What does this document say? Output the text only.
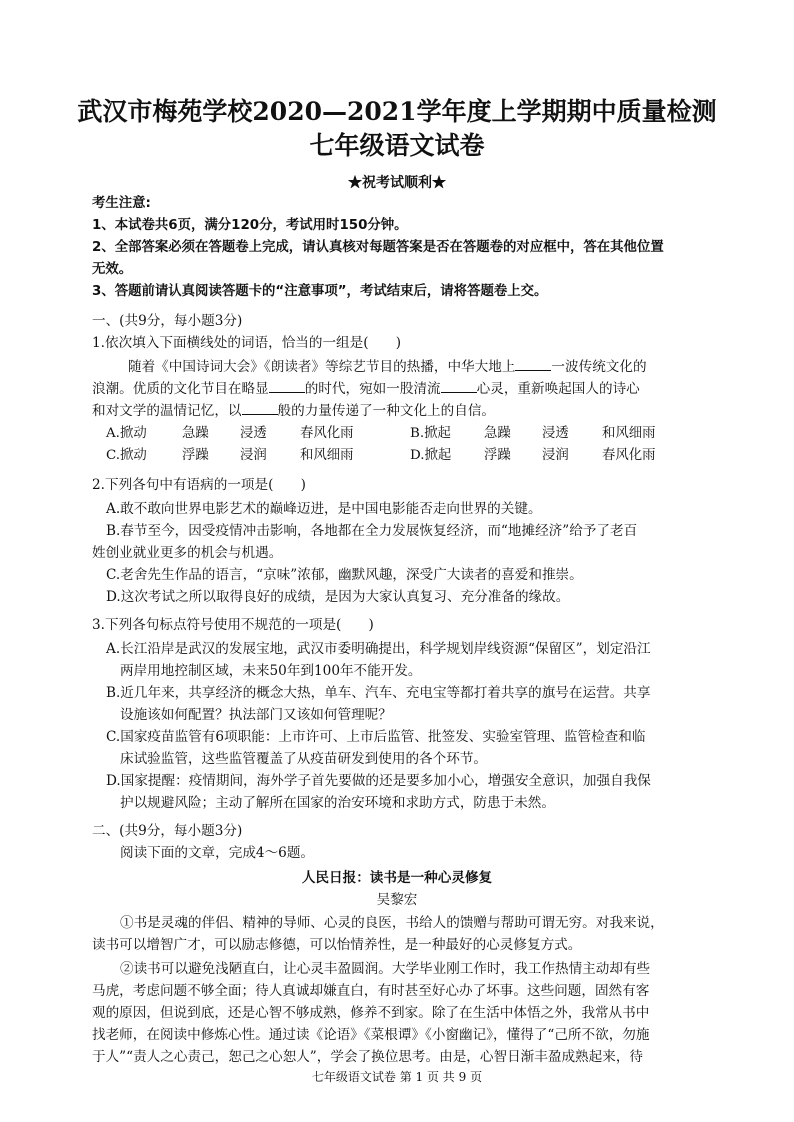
武汉市梅苑学校2020—2021学年度上学期期中质量检测
七年级语文试卷
★祝考试顺利★
考生注意:
1、本试卷共6页，满分120分，考试用时150分钟。
2、全部答案必须在答题卷上完成，请认真核对每题答案是否在答题卷的对应框中，答在其他位置
无效。
3、答题前请认真阅读答题卡的“注意事项”，考试结束后，请将答题卷上交。
一、(共9分，每小题3分)
1.依次填入下面横线处的词语，恰当的一组是(　　)
随着《中国诗词大会》《朗读者》等综艺节目的热播，中华大地上	一波传统文化的
浪潮。优质的文化节目在略显	的时代，宛如一股清流	心灵，重新唤起国人的诗心
和对文学的温情记忆，以	般的力量传递了一种文化上的自信。
A.掀动	急躁 浸透 春风化雨	B.掀起 急躁 浸透 和风细雨
C.掀动	浮躁 浸润 和风细雨	D.掀起 浮躁 浸润 春风化雨
2.下列各句中有语病的一项是(　　)
A.敢不敢向世界电影艺术的巅峰迈进，是中国电影能否走向世界的关键。
B.春节至今，因受疫情冲击影响，各地都在全力发展恢复经济，而“地摊经济”给予了老百
姓创业就业更多的机会与机遇。
C.老舍先生作品的语言，“京味”浓郁，幽默风趣，深受广大读者的喜爱和推崇。
D.这次考试之所以取得良好的成绩，是因为大家认真复习、充分准备的缘故。
3.下列各句标点符号使用不规范的一项是(　　)
A.长江沿岸是武汉的发展宝地，武汉市委明确提出，科学规划岸线资源“保留区”，划定沿江
两岸用地控制区域，未来50年到100年不能开发。
B.近几年来，共享经济的概念大热，单车、汽车、充电宝等都打着共享的旗号在运营。共享
设施该如何配置？执法部门又该如何管理呢？
C.国家疫苗监管有6项职能：上市许可、上市后监管、批签发、实验室管理、监管检查和临
床试验监管，这些监管覆盖了从疫苗研发到使用的各个环节。
D.国家提醒：疫情期间，海外学子首先要做的还是要多加小心，增强安全意识，加强自我保
护以规避风险；主动了解所在国家的治安环境和求助方式，防患于未然。
二、(共9分，每小题3分)
阅读下面的文章，完成4～6题。
人民日报：读书是一种心灵修复
吴黎宏
①书是灵魂的伴侣、精神的导师、心灵的良医，书给人的馈赠与帮助可谓无穷。对我来说，
读书可以增智广才，可以励志修德，可以怡情养性，是一种最好的心灵修复方式。
②读书可以避免浅陋直白，让心灵丰盈圆润。大学毕业刚工作时，我工作热情主动却有些
马虎，考虑问题不够全面；待人真诚却嫌直白，有时甚至好心办了坏事。这些问题，固然有客
观的原因，但说到底，还是心智不够成熟，修养不到家。除了在生活中体悟之外，我常从书中
找老师，在阅读中修炼心性。通过读《论语》《菜根谭》《小窗幽记》，懂得了“己所不欲，勿施
七年级语文试卷 第 1 页 共 9 页
于人”“责人之心责己，恕己之心恕人”，学会了换位思考。由是，心智日渐丰盈成熟起来，待
